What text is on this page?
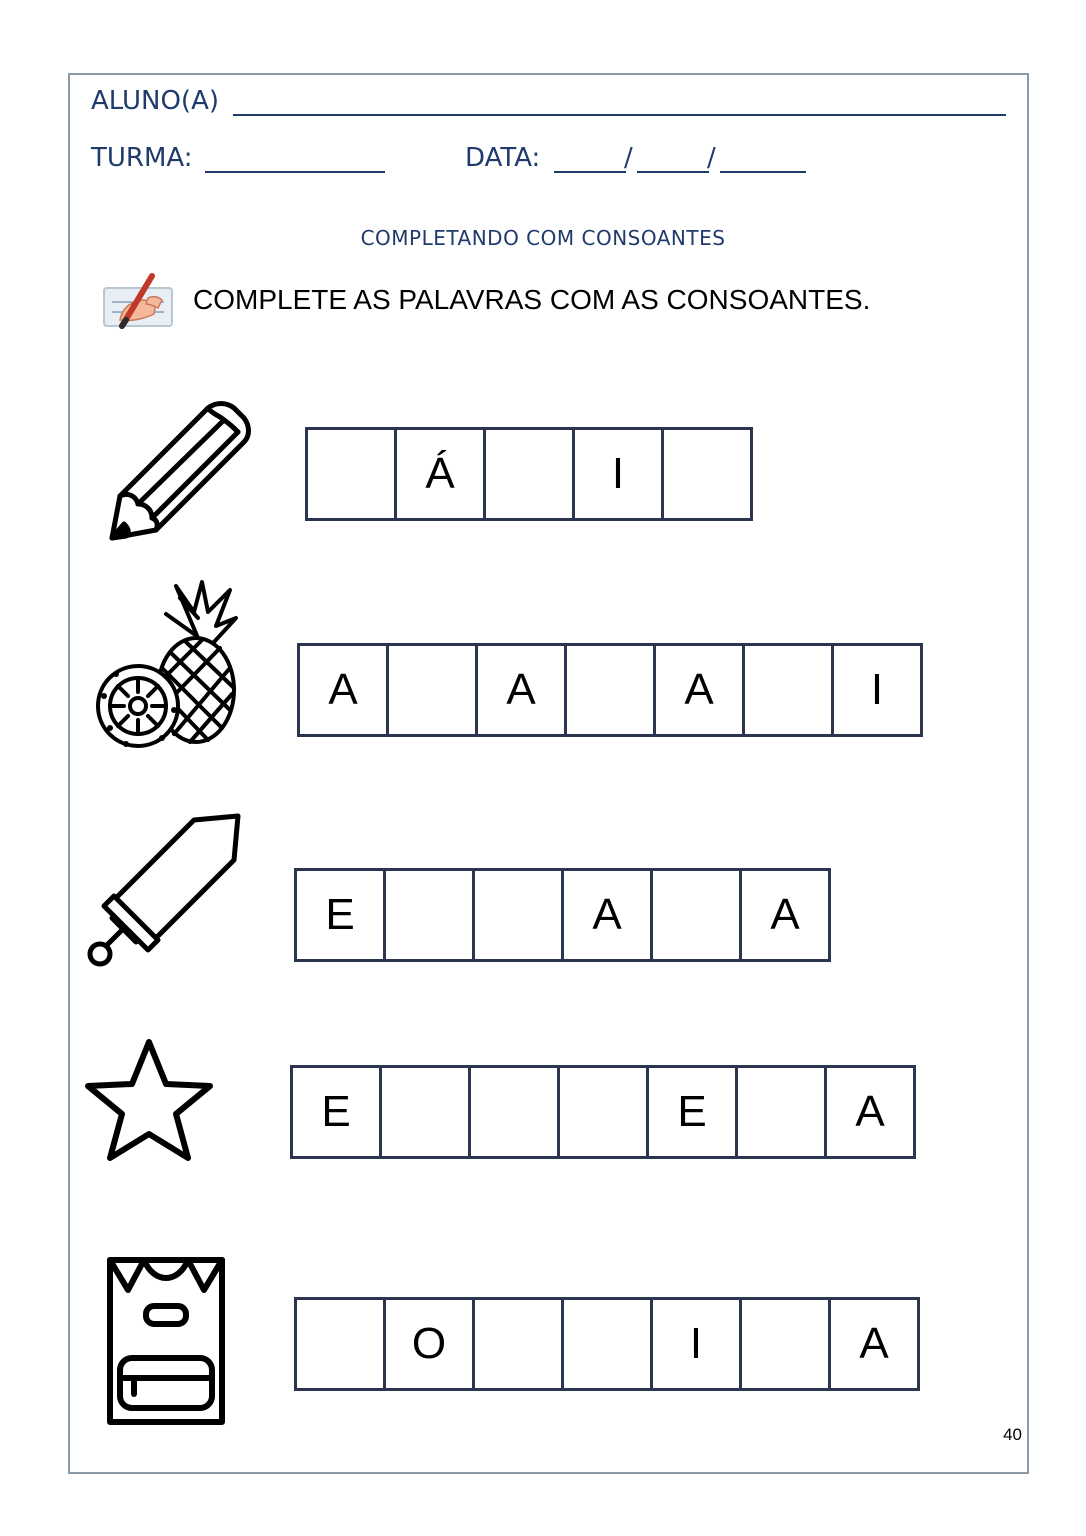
ALUNO(A)
TURMA:	DATA:	/	/
COMPLETANDO COM CONSOANTES
COMPLETE AS PALAVRAS COM AS CONSOANTES.
Á	I
A	A	A	I
E	A	A
E	E	A
O	I	A
40
